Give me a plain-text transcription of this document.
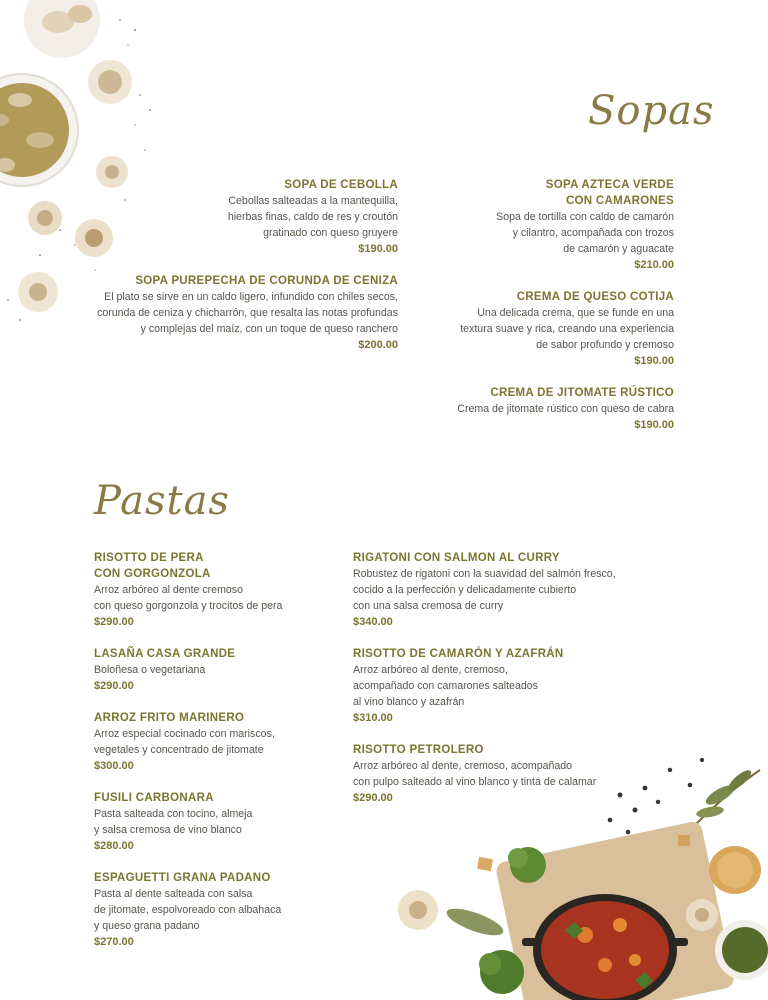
Sopas
SOPA DE CEBOLLA
Cebollas salteadas a la mantequilla,
hierbas finas, caldo de res y croutón
gratinado con queso gruyere
$190.00
SOPA PUREPECHA DE CORUNDA DE CENIZA
El plato se sirve en un caldo ligero, infundido con chiles secos,
corunda de ceniza y chicharrón, que resalta las notas profundas
y complejas del maíz, con un toque de queso ranchero
$200.00
SOPA AZTECA VERDE
CON CAMARONES
Sopa de tortilla con caldo de camarón
y cilantro, acompañada con trozos
de camarón y aguacate
$210.00
CREMA DE QUESO COTIJA
Una delicada crema, que se funde en una
textura suave y rica, creando una experiencia
de sabor profundo y cremoso
$190.00
CREMA DE JITOMATE RÚSTICO
Crema de jitomate rústico con queso de cabra
$190.00
Pastas
RISOTTO DE PERA
CON GORGONZOLA
Arroz arbóreo al dente cremoso
con queso gorgonzola y trocitos de pera
$290.00
LASAÑA CASA GRANDE
Boloñesa o vegetariana
$290.00
ARROZ FRITO MARINERO
Arroz especial cocinado con mariscos,
vegetales y concentrado de jitomate
$300.00
FUSILI CARBONARA
Pasta salteada con tocino, almeja
y salsa cremosa de vino blanco
$280.00
ESPAGUETTI GRANA PADANO
Pasta al dente salteada con salsa
de jitomate, espolvoreado con albahaca
y queso grana padano
$270.00
RIGATONI CON SALMON AL CURRY
Robustez de rigatoni con la suavidad del salmón fresco,
cocido a la perfección y delicadamente cubierto
con una salsa cremosa de curry
$340.00
RISOTTO DE CAMARÓN Y AZAFRÁN
Arroz arbóreo al dente, cremoso,
acompañado con camarones salteados
al vino blanco y azafrán
$310.00
RISOTTO PETROLERO
Arroz arbóreo al dente, cremoso, acompañado
con pulpo salteado al vino blanco y tinta de calamar
$290.00
